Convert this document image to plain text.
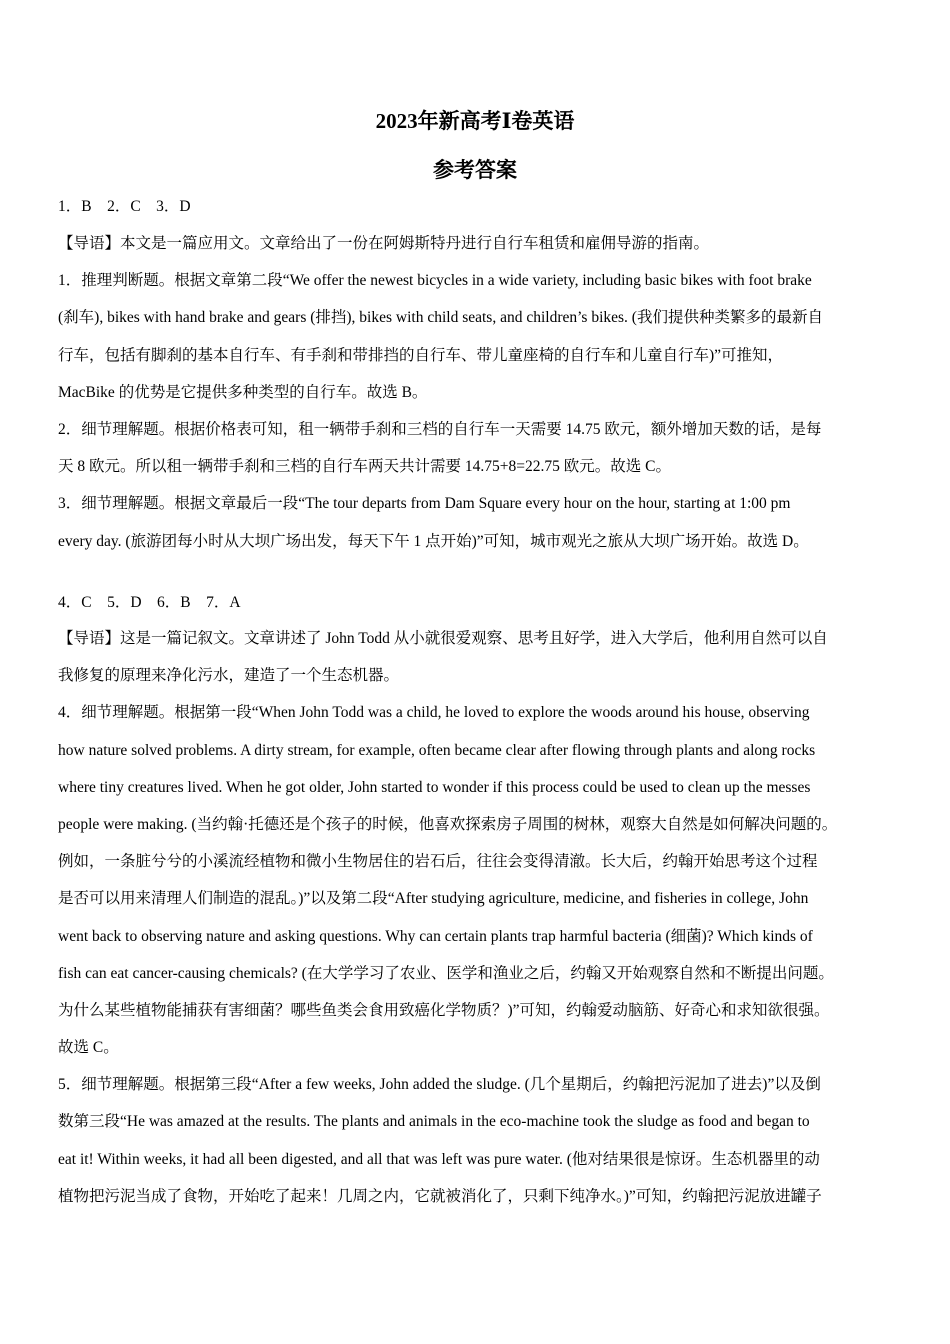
2023年新高考Ⅰ卷英语
参考答案
1．B　2．C　3．D
【导语】本文是一篇应用文。文章给出了一份在阿姆斯特丹进行自行车租赁和雇佣导游的指南。
1．推理判断题。根据文章第二段“We offer the newest bicycles in a wide variety, including basic bikes with foot brake
(刹车), bikes with hand brake and gears (排挡), bikes with child seats, and children’s bikes. (我们提供种类繁多的最新自
行车，包括有脚刹的基本自行车、有手刹和带排挡的自行车、带儿童座椅的自行车和儿童自行车)”可推知，
MacBike 的优势是它提供多种类型的自行车。故选 B。
2．细节理解题。根据价格表可知，租一辆带手刹和三档的自行车一天需要 14.75 欧元，额外增加天数的话，是每
天 8 欧元。所以租一辆带手刹和三档的自行车两天共计需要 14.75+8=22.75 欧元。故选 C。
3．细节理解题。根据文章最后一段“The tour departs from Dam Square every hour on the hour, starting at 1:00 pm
every day. (旅游团每小时从大坝广场出发，每天下午 1 点开始)”可知，城市观光之旅从大坝广场开始。故选 D。
4．C　5．D　6．B　7．A
【导语】这是一篇记叙文。文章讲述了 John Todd 从小就很爱观察、思考且好学，进入大学后，他利用自然可以自
我修复的原理来净化污水，建造了一个生态机器。
4．细节理解题。根据第一段“When John Todd was a child, he loved to explore the woods around his house, observing
how nature solved problems. A dirty stream, for example, often became clear after flowing through plants and along rocks
where tiny creatures lived. When he got older, John started to wonder if this process could be used to clean up the messes
people were making. (当约翰·托德还是个孩子的时候，他喜欢探索房子周围的树林，观察大自然是如何解决问题的。
例如，一条脏兮兮的小溪流经植物和微小生物居住的岩石后，往往会变得清澈。长大后，约翰开始思考这个过程
是否可以用来清理人们制造的混乱。)”以及第二段“After studying agriculture, medicine, and fisheries in college, John
went back to observing nature and asking questions. Why can certain plants trap harmful bacteria (细菌)? Which kinds of
fish can eat cancer-causing chemicals? (在大学学习了农业、医学和渔业之后，约翰又开始观察自然和不断提出问题。
为什么某些植物能捕获有害细菌？哪些鱼类会食用致癌化学物质？)”可知，约翰爱动脑筋、好奇心和求知欲很强。
故选 C。
5．细节理解题。根据第三段“After a few weeks, John added the sludge. (几个星期后，约翰把污泥加了进去)”以及倒
数第三段“He was amazed at the results. The plants and animals in the eco-machine took the sludge as food and began to
eat it! Within weeks, it had all been digested, and all that was left was pure water. (他对结果很是惊讶。生态机器里的动
植物把污泥当成了食物，开始吃了起来！几周之内，它就被消化了，只剩下纯净水。)”可知，约翰把污泥放进罐子
